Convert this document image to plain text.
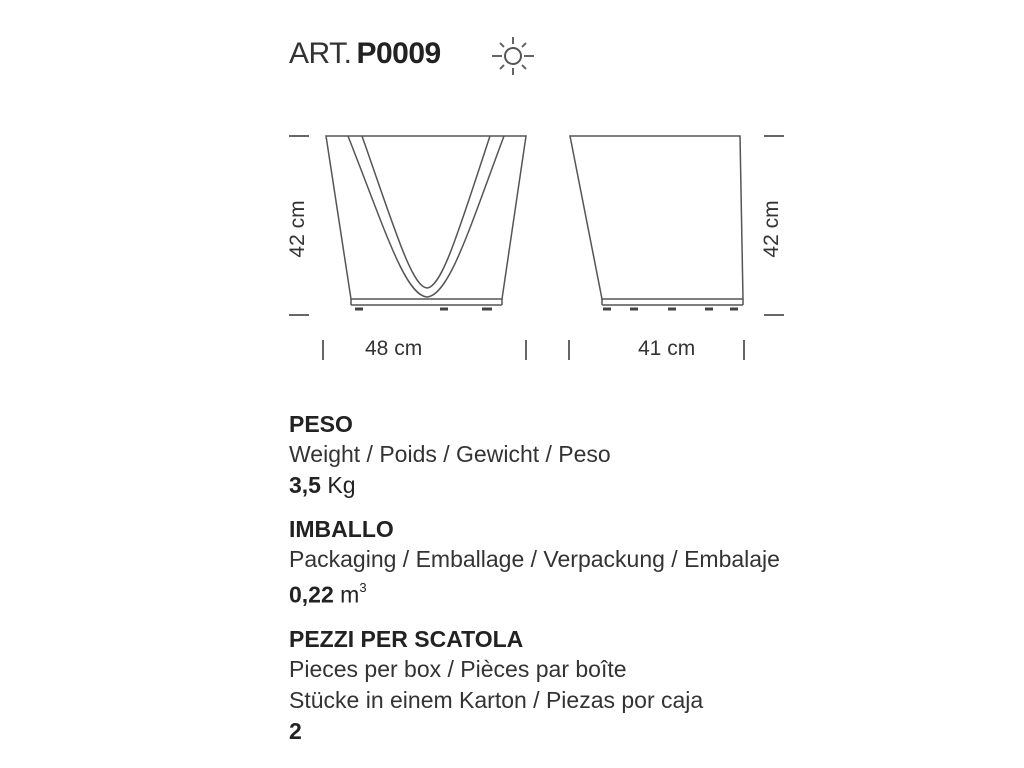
ART. P0009
42 cm
48 cm
42 cm
41 cm
PESO
Weight / Poids / Gewicht / Peso
3,5 Kg
IMBALLO
Packaging / Emballage / Verpackung / Embalaje
0,22 $m^3$
PEZZI PER SCATOLA
Pieces per box / Pièces par boîte
Stücke in einem Karton / Piezas por caja
2
